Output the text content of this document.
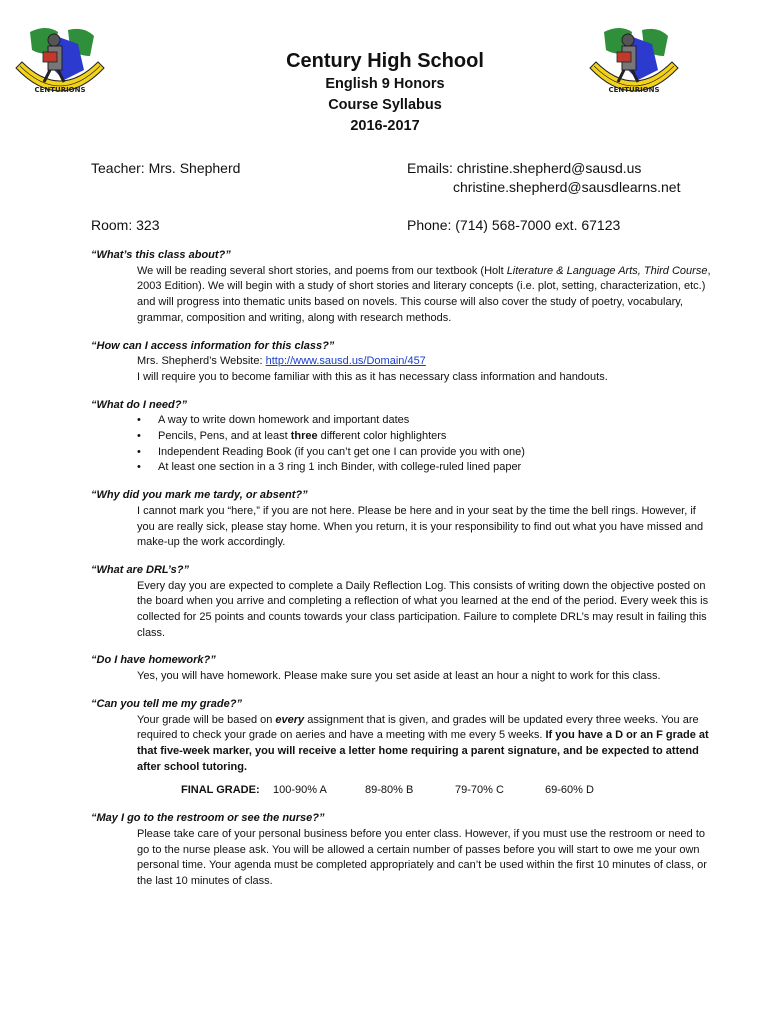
CENTURIONS	CENTURIONS
Century High School
English 9 Honors
Course Syllabus
2016-2017
Teacher: Mrs. Shepherd	Emails: christine.shepherd@sausd.us
christine.shepherd@sausdlearns.net
Room: 323	Phone: (714) 568-7000 ext. 67123
“What’s this class about?”
We will be reading several short stories, and poems from our textbook (Holt Literature & Language Arts, Third Course, 2003 Edition). We will begin with a study of short stories and literary concepts (i.e. plot, setting, characterization, etc.) and will progress into thematic units based on novels. This course will also cover the study of poetry, vocabulary, grammar, composition and writing, along with research methods.
“How can I access information for this class?”
Mrs. Shepherd’s Website: http://www.sausd.us/Domain/457
I will require you to become familiar with this as it has necessary class information and handouts.
“What do I need?”
• A way to write down homework and important dates
• Pencils, Pens, and at least three different color highlighters
• Independent Reading Book (if you can’t get one I can provide you with one)
• At least one section in a 3 ring 1 inch Binder, with college-ruled lined paper
“Why did you mark me tardy, or absent?”
I cannot mark you “here,” if you are not here. Please be here and in your seat by the time the bell rings. However, if you are really sick, please stay home. When you return, it is your responsibility to find out what you have missed and make-up the work accordingly.
“What are DRL’s?”
Every day you are expected to complete a Daily Reflection Log. This consists of writing down the objective posted on the board when you arrive and completing a reflection of what you learned at the end of the period. Every week this is collected for 25 points and counts towards your class participation. Failure to complete DRL’s may result in failing this class.
“Do I have homework?”
Yes, you will have homework. Please make sure you set aside at least an hour a night to work for this class.
“Can you tell me my grade?”
Your grade will be based on every assignment that is given, and grades will be updated every three weeks. You are required to check your grade on aeries and have a meeting with me every 5 weeks. If you have a D or an F grade at that five-week marker, you will receive a letter home requiring a parent signature, and be expected to attend after school tutoring.
FINAL GRADE: 100-90% A	89-80% B	79-70% C	69-60% D
“May I go to the restroom or see the nurse?”
Please take care of your personal business before you enter class. However, if you must use the restroom or need to go to the nurse please ask. You will be allowed a certain number of passes before you will start to owe me your own personal time. Your agenda must be completed appropriately and can’t be used within the first 10 minutes of class, or the last 10 minutes of class.
